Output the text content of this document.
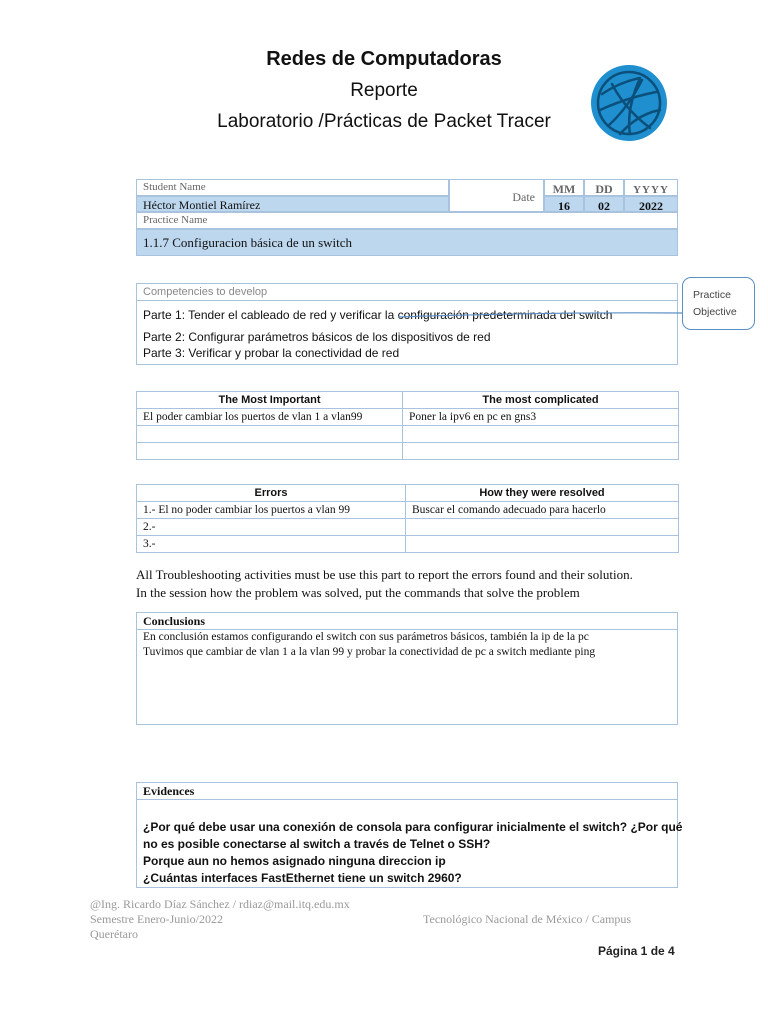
Redes de Computadoras
Reporte
Laboratorio /Prácticas de Packet Tracer
Student Name
Héctor Montiel Ramírez
Date
MM	DD	YYYY
16	02	2022
Practice Name
1.1.7 Configuracion básica de un switch
Competencies to develop
Parte 1: Tender el cableado de red y verificar la configuración predeterminada del switch
Parte 2: Configurar parámetros básicos de los dispositivos de red
Parte 3: Verificar y probar la conectividad de red
Practice
Objective
The Most Important	The most complicated
El poder cambiar los puertos de vlan 1 a vlan99	Poner la ipv6 en pc en gns3

Errors	How they were resolved
1.- El no poder cambiar los puertos a vlan 99	Buscar el comando adecuado para hacerlo
2.-	
3.-	
All Troubleshooting activities must be use this part to report the errors found and their solution.
In the session how the problem was solved, put the commands that solve the problem
Conclusions
En conclusión estamos configurando el switch con sus parámetros básicos, también la ip de la pc
Tuvimos que cambiar de vlan 1 a la vlan 99 y probar la conectividad de pc a switch mediante ping
Evidences
¿Por qué debe usar una conexión de consola para configurar inicialmente el switch? ¿Por qué
no es posible conectarse al switch a través de Telnet o SSH?
Porque aun no hemos asignado ninguna direccion ip
¿Cuántas interfaces FastEthernet tiene un switch 2960?
@Ing. Ricardo Díaz Sánchez / rdiaz@mail.itq.edu.mx
Semestre Enero-Junio/2022
Querétaro
Tecnológico Nacional de México / Campus
Página 1 de 4
